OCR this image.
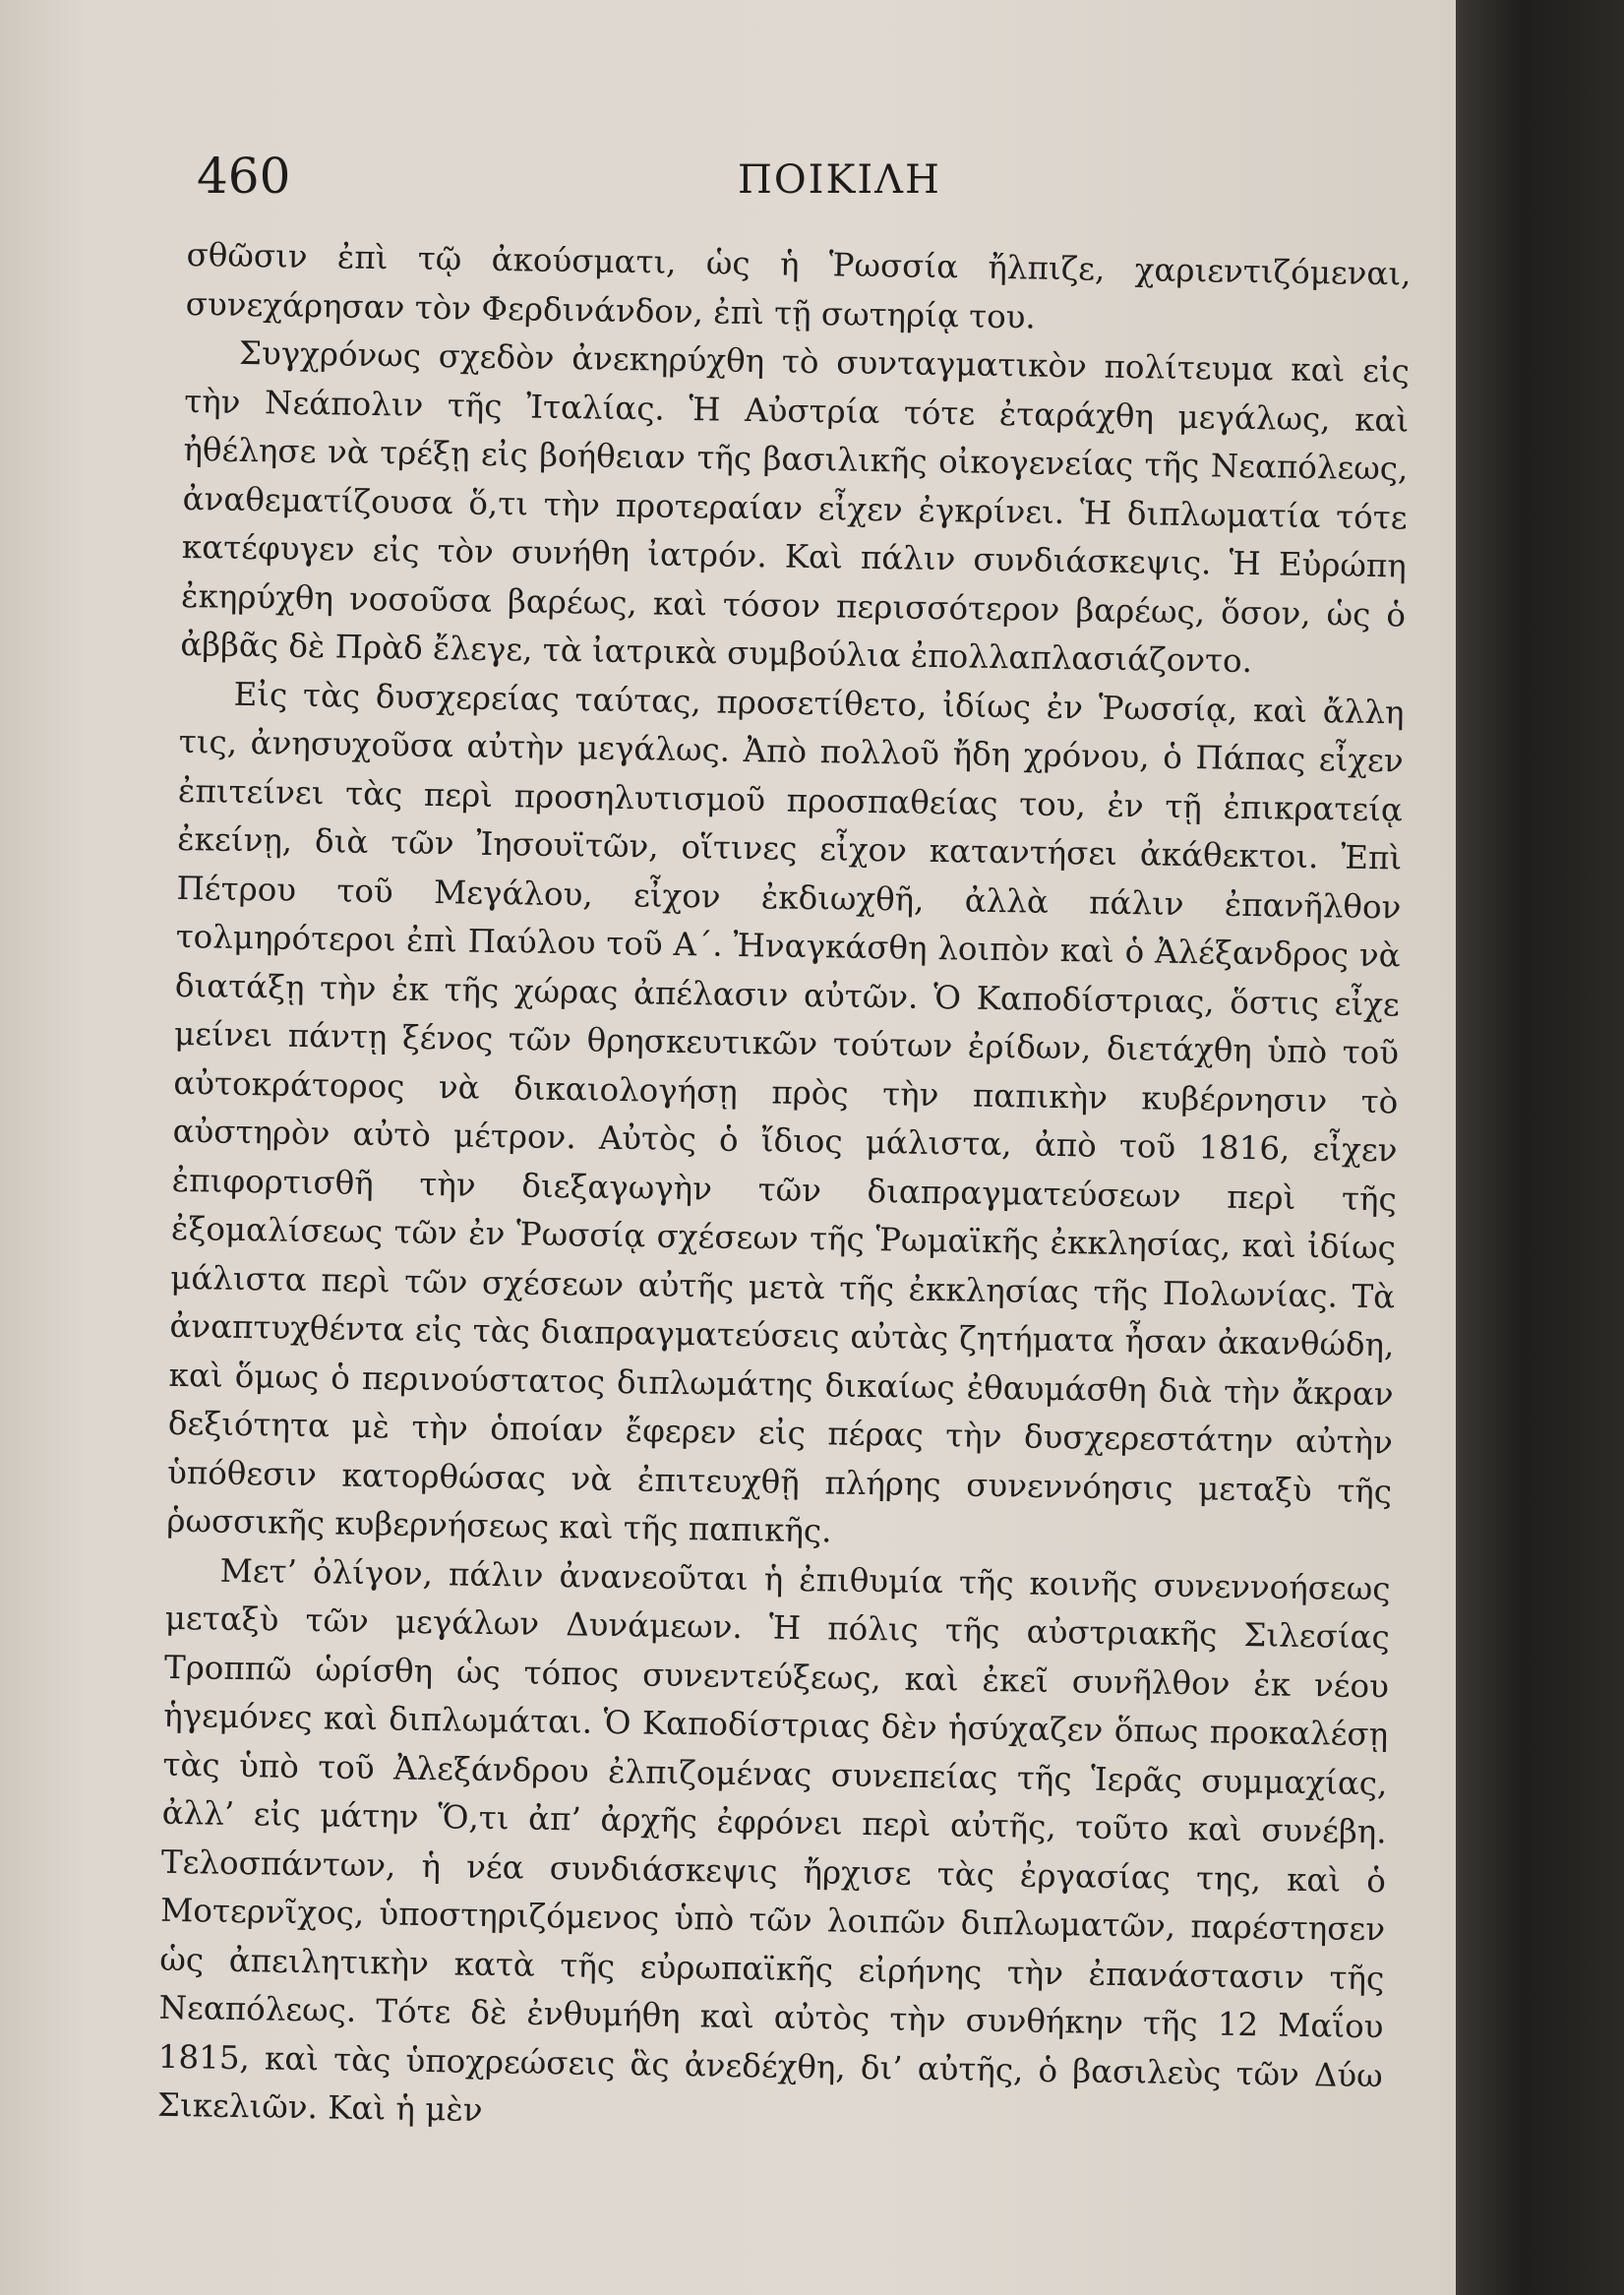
460	ΠΟΙΚΙΛΗ

σθῶσιν ἐπὶ τῷ ἀκούσματι, ὡς ἡ Ῥωσσία ἤλπιζε, χαριεντιζόμεναι, συνεχάρησαν τὸν Φερδινάνδον, ἐπὶ τῇ σωτηρίᾳ του.

Συγχρόνως σχεδὸν ἀνεκηρύχθη τὸ συνταγματικὸν πολίτευμα καὶ εἰς τὴν Νεάπολιν τῆς Ἰταλίας. Ἡ Αὐστρία τότε ἐταράχθη μεγάλως, καὶ ἠθέλησε νὰ τρέξῃ εἰς βοήθειαν τῆς βασιλικῆς οἰκογενείας τῆς Νεαπόλεως, ἀναθεματίζουσα ὅ,τι τὴν προτεραίαν εἶχεν ἐγκρίνει. Ἡ διπλωματία τότε κατέφυγεν εἰς τὸν συνήθη ἰατρόν. Καὶ πάλιν συνδιάσκεψις. Ἡ Εὐρώπη ἐκηρύχθη νοσοῦσα βαρέως, καὶ τόσον περισσότερον βαρέως, ὅσον, ὡς ὁ ἀββᾶς δὲ Πρὰδ ἔλεγε, τὰ ἰατρικὰ συμβούλια ἐπολλαπλασιάζοντο.

Εἰς τὰς δυσχερείας ταύτας, προσετίθετο, ἰδίως ἐν Ῥωσσίᾳ, καὶ ἄλλη τις, ἀνησυχοῦσα αὐτὴν μεγάλως. Ἀπὸ πολλοῦ ἤδη χρόνου, ὁ Πάπας εἶχεν ἐπιτείνει τὰς περὶ προσηλυτισμοῦ προσπαθείας του, ἐν τῇ ἐπικρατείᾳ ἐκείνῃ, διὰ τῶν Ἰησουϊτῶν, οἵτινες εἶχον καταντήσει ἀκάθεκτοι. Ἐπὶ Πέτρου τοῦ Μεγάλου, εἶχον ἐκδιωχθῆ, ἀλλὰ πάλιν ἐπανῆλθον τολμηρότεροι ἐπὶ Παύλου τοῦ Α΄. Ἠναγκάσθη λοιπὸν καὶ ὁ Ἀλέξανδρος νὰ διατάξῃ τὴν ἐκ τῆς χώρας ἀπέλασιν αὐτῶν. Ὁ Καποδίστριας, ὅστις εἶχε μείνει πάντῃ ξένος τῶν θρησκευτικῶν τούτων ἐρίδων, διετάχθη ὑπὸ τοῦ αὐτοκράτορος νὰ δικαιολογήσῃ πρὸς τὴν παπικὴν κυβέρνησιν τὸ αὐστηρὸν αὐτὸ μέτρον. Αὐτὸς ὁ ἴδιος μάλιστα, ἀπὸ τοῦ 1816, εἶχεν ἐπιφορτισθῆ τὴν διεξαγωγὴν τῶν διαπραγματεύσεων περὶ τῆς ἐξομαλίσεως τῶν ἐν Ῥωσσίᾳ σχέσεων τῆς Ῥωμαϊκῆς ἐκκλησίας, καὶ ἰδίως μάλιστα περὶ τῶν σχέσεων αὐτῆς μετὰ τῆς ἐκκλησίας τῆς Πολωνίας. Τὰ ἀναπτυχθέντα εἰς τὰς διαπραγματεύσεις αὐτὰς ζητήματα ἦσαν ἀκανθώδη, καὶ ὅμως ὁ περινούστατος διπλωμάτης δικαίως ἐθαυμάσθη διὰ τὴν ἄκραν δεξιότητα μὲ τὴν ὁποίαν ἔφερεν εἰς πέρας τὴν δυσχερεστάτην αὐτὴν ὑπόθεσιν κατορθώσας νὰ ἐπιτευχθῇ πλήρης συνεννόησις μεταξὺ τῆς ῥωσσικῆς κυβερνήσεως καὶ τῆς παπικῆς.

Μετ’ ὀλίγον, πάλιν ἀνανεοῦται ἡ ἐπιθυμία τῆς κοινῆς συνεννοήσεως μεταξὺ τῶν μεγάλων Δυνάμεων. Ἡ πόλις τῆς αὐστριακῆς Σιλεσίας Τροππῶ ὡρίσθη ὡς τόπος συνεντεύξεως, καὶ ἐκεῖ συνῆλθον ἐκ νέου ἡγεμόνες καὶ διπλωμάται. Ὁ Καποδίστριας δὲν ἡσύχαζεν ὅπως προκαλέσῃ τὰς ὑπὸ τοῦ Ἀλεξάνδρου ἐλπιζομένας συνεπείας τῆς Ἱερᾶς συμμαχίας, ἀλλ’ εἰς μάτην Ὅ,τι ἀπ’ ἀρχῆς ἐφρόνει περὶ αὐτῆς, τοῦτο καὶ συνέβη. Τελοσπάντων, ἡ νέα συνδιάσκεψις ἤρχισε τὰς ἐργασίας της, καὶ ὁ Μοτερνῖχος, ὑποστηριζόμενος ὑπὸ τῶν λοιπῶν διπλωματῶν, παρέστησεν ὡς ἀπειλητικὴν κατὰ τῆς εὐρωπαϊκῆς εἰρήνης τὴν ἐπανάστασιν τῆς Νεαπόλεως. Τότε δὲ ἐνθυμήθη καὶ αὐτὸς τὴν συνθήκην τῆς 12 Μαΐου 1815, καὶ τὰς ὑποχρεώσεις ἃς ἀνεδέχθη, δι’ αὐτῆς, ὁ βασιλεὺς τῶν Δύω Σικελιῶν. Καὶ ἡ μὲν
